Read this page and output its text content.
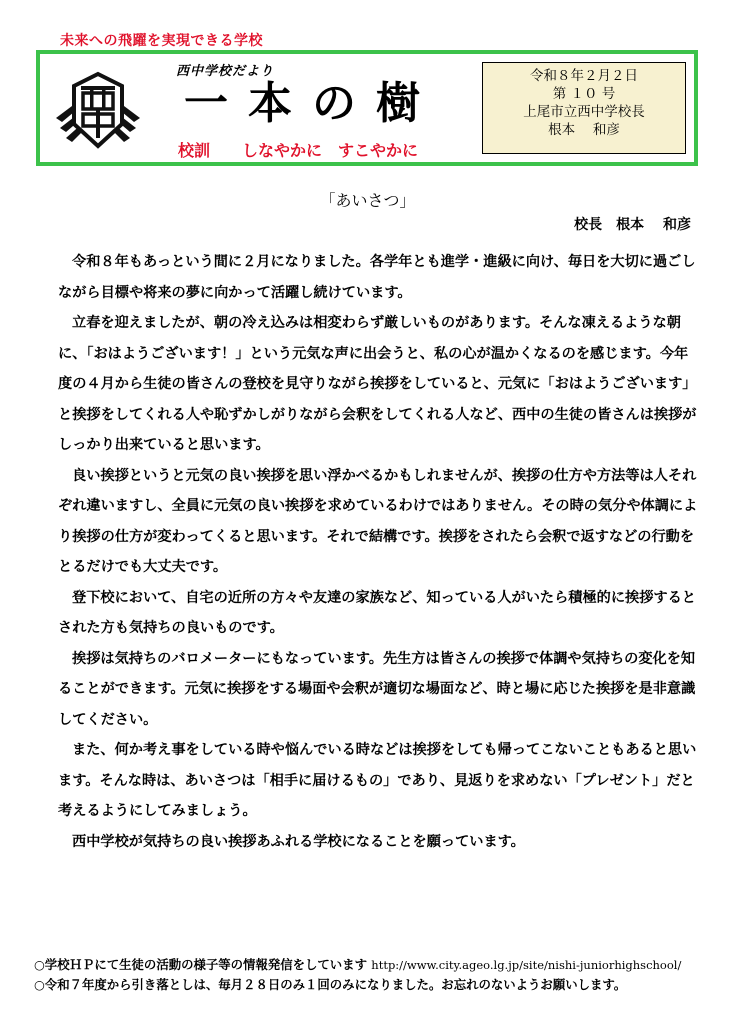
未来への飛躍を実現できる学校
西中学校だより
一本の樹
校訓　　しなやかに　すこやかに
令和８年２月２日
第 １０ 号
上尾市立西中学校長
根本　 和彦
「あいさつ」
校長　根本　 和彦

令和８年もあっという間に２月になりました。各学年とも進学・進級に向け、毎日を大切に過ごしながら目標や将来の夢に向かって活躍し続けています。

立春を迎えましたが、朝の冷え込みは相変わらず厳しいものがあります。そんな凍えるような朝に、「おはようございます！」という元気な声に出会うと、私の心が温かくなるのを感じます。今年度の４月から生徒の皆さんの登校を見守りながら挨拶をしていると、元気に「おはようございます」と挨拶をしてくれる人や恥ずかしがりながら会釈をしてくれる人など、西中の生徒の皆さんは挨拶がしっかり出来ていると思います。

良い挨拶というと元気の良い挨拶を思い浮かべるかもしれませんが、挨拶の仕方や方法等は人それぞれ違いますし、全員に元気の良い挨拶を求めているわけではありません。その時の気分や体調により挨拶の仕方が変わってくると思います。それで結構です。挨拶をされたら会釈で返すなどの行動をとるだけでも大丈夫です。

登下校において、自宅の近所の方々や友達の家族など、知っている人がいたら積極的に挨拶するとされた方も気持ちの良いものです。

挨拶は気持ちのバロメーターにもなっています。先生方は皆さんの挨拶で体調や気持ちの変化を知ることができます。元気に挨拶をする場面や会釈が適切な場面など、時と場に応じた挨拶を是非意識してください。

また、何か考え事をしている時や悩んでいる時などは挨拶をしても帰ってこないこともあると思います。そんな時は、あいさつは「相手に届けるもの」であり、見返りを求めない「プレゼント」だと考えるようにしてみましょう。

西中学校が気持ちの良い挨拶あふれる学校になることを願っています。

○学校ＨＰにて生徒の活動の様子等の情報発信をしています http://www.city.ageo.lg.jp/site/nishi-juniorhighschool/
○令和７年度から引き落としは、毎月２８日のみ１回のみになりました。お忘れのないようお願いします。
